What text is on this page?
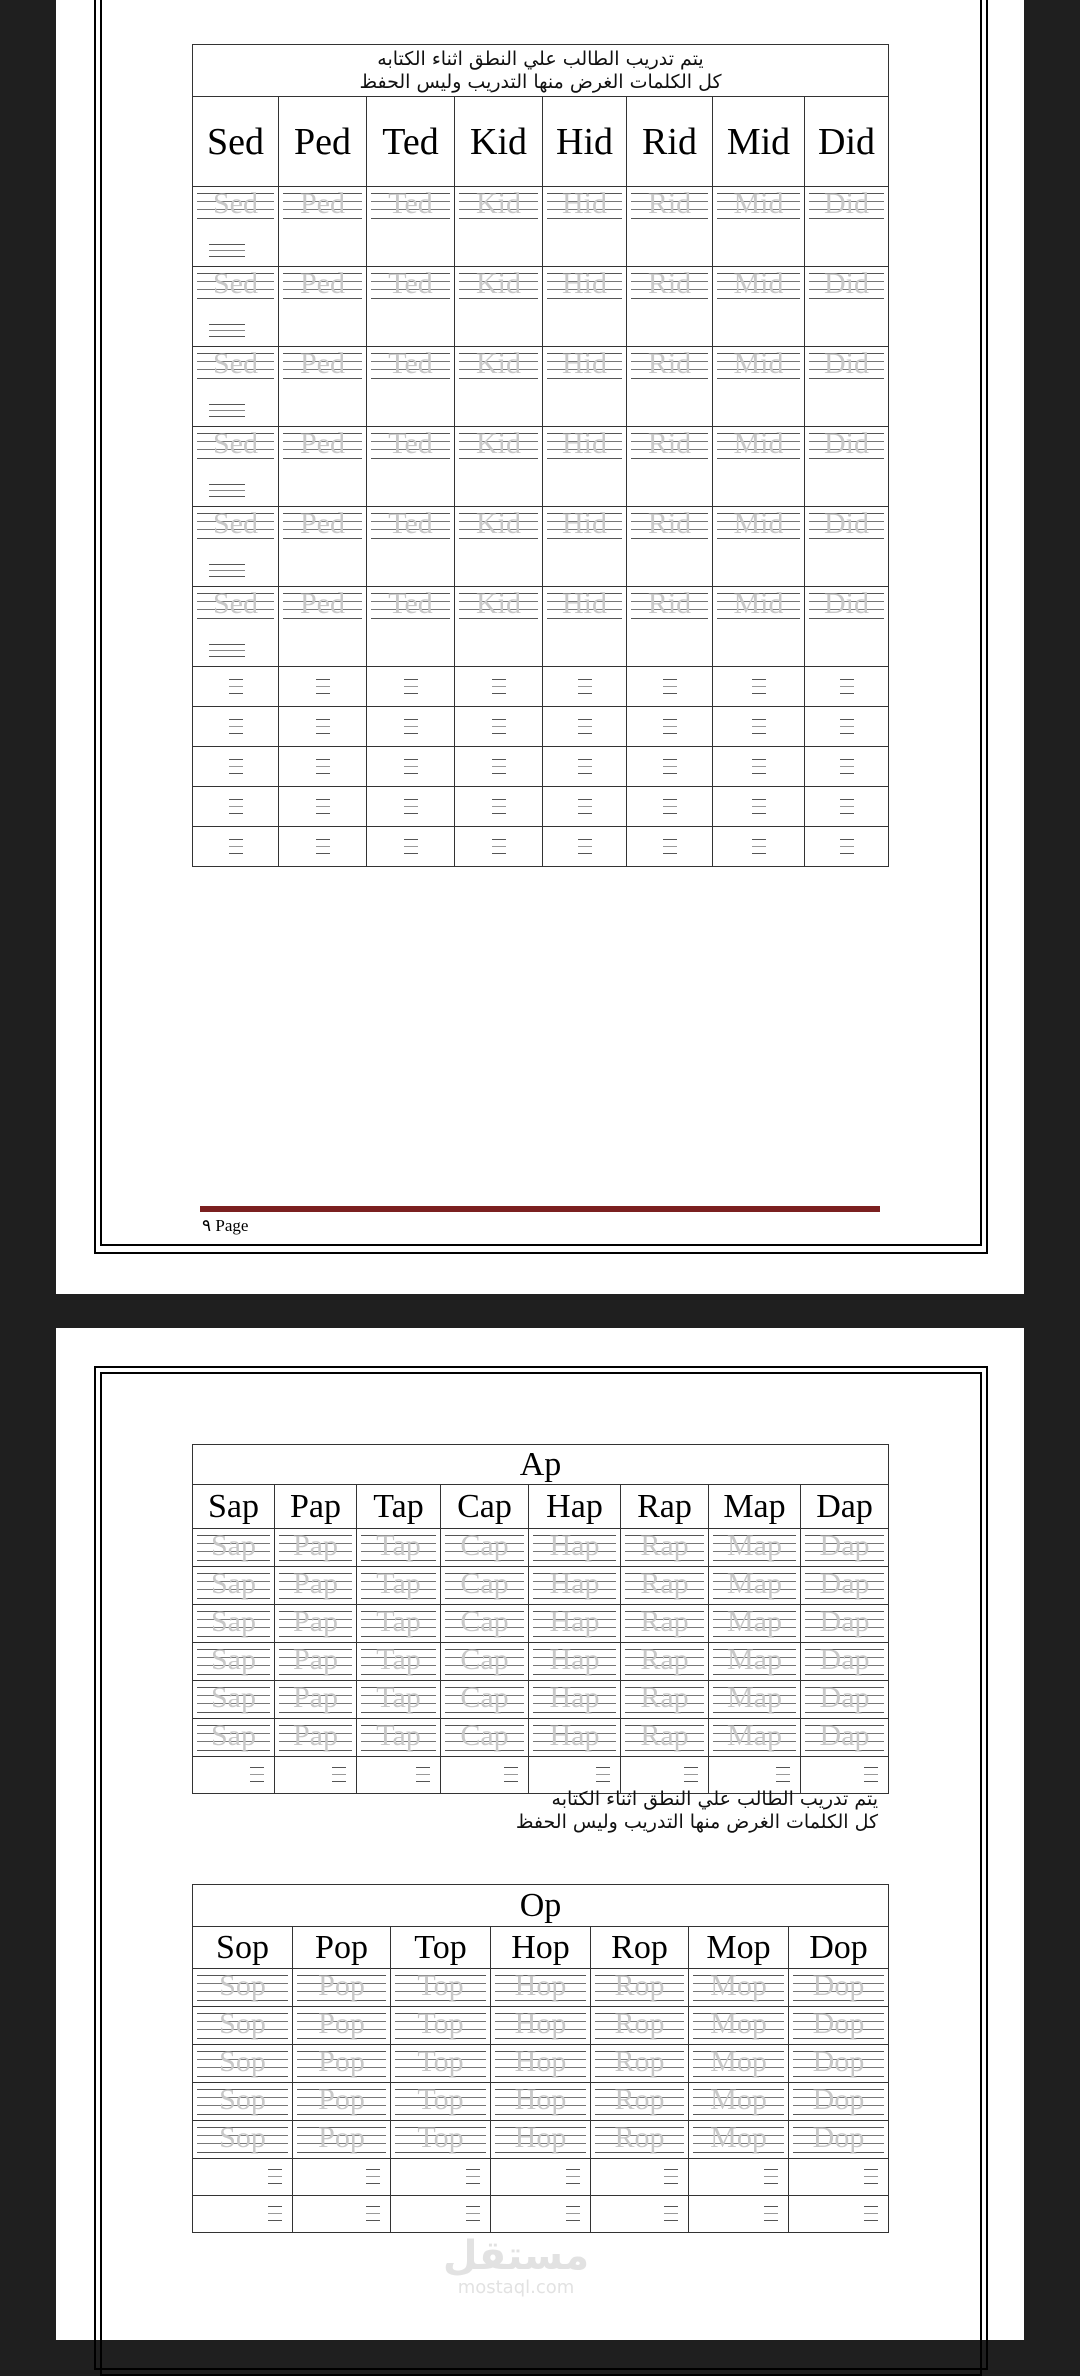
يتم تدريب الطالب علي النطق اثناء الكتابه
كل الكلمات الغرض منها التدريب وليس الحفظ							

Sed	Ped	Ted	Kid	Hid	Rid	Mid	Did

Sed	Ped	Ted	Kid	Hid	Rid	Mid	Did

Sed	Ped	Ted	Kid	Hid	Rid	Mid	Did

Sed	Ped	Ted	Kid	Hid	Rid	Mid	Did

Sed	Ped	Ted	Kid	Hid	Rid	Mid	Did

Sed	Ped	Ted	Kid	Hid	Rid	Mid	Did

Sed	Ped	Ted	Kid	Hid	Rid	Mid	Did

٩ Page
Ap							
Sap	Pap	Tap	Cap	Hap	Rap	Map	Dap

Sap	Pap	Tap	Cap	Hap	Rap	Map	Dap

Sap	Pap	Tap	Cap	Hap	Rap	Map	Dap

Sap	Pap	Tap	Cap	Hap	Rap	Map	Dap

Sap	Pap	Tap	Cap	Hap	Rap	Map	Dap

Sap	Pap	Tap	Cap	Hap	Rap	Map	Dap

Sap	Pap	Tap	Cap	Hap	Rap	Map	Dap

يتم تدريب الطالب علي النطق اثناء الكتابه
كل الكلمات الغرض منها التدريب وليس الحفظ
Op						
Sop	Pop	Top	Hop	Rop	Mop	Dop

Sop	Pop	Top	Hop	Rop	Mop	Dop

Sop	Pop	Top	Hop	Rop	Mop	Dop

Sop	Pop	Top	Hop	Rop	Mop	Dop

Sop	Pop	Top	Hop	Rop	Mop	Dop

Sop	Pop	Top	Hop	Rop	Mop	Dop

مستقل
mostaql.com
